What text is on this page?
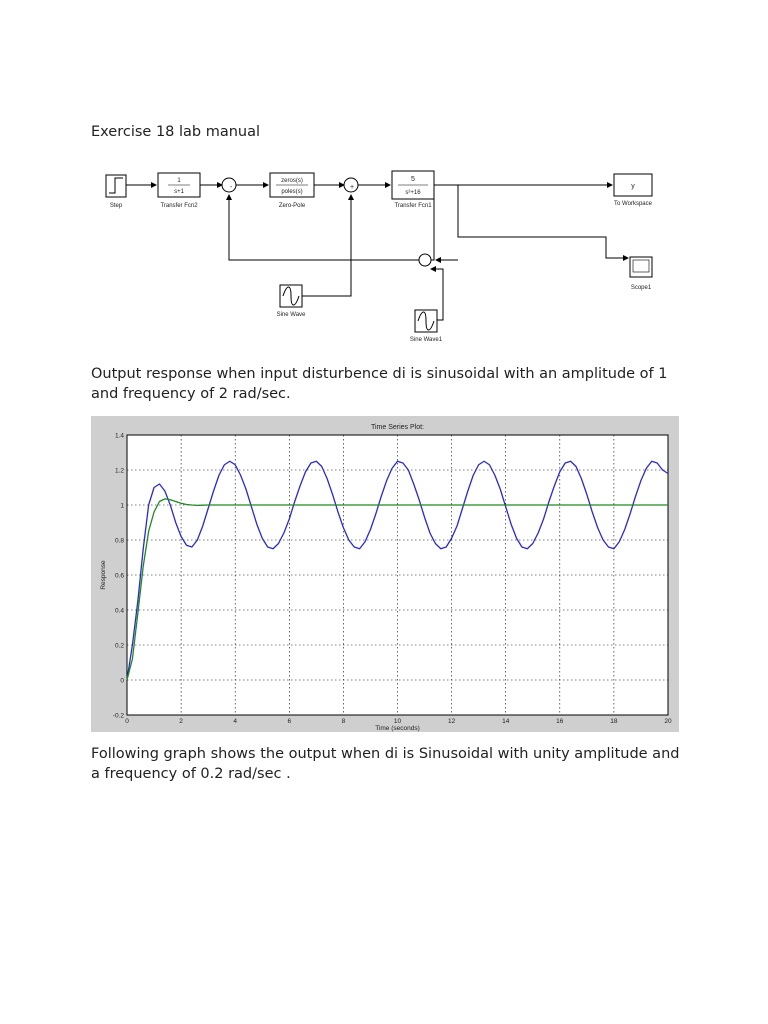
Exercise 18 lab manual

Step
1
s+1
Transfer Fcn2
-
zeros(s)
poles(s)
Zero-Pole
+
5
s²+16
Transfer Fcn1
y
To Workspace
Scope1
Sine Wave
Sine Wave1

Output response when input disturbence di is sinusoidal with an amplitude of 1 and frequency of 2 rad/sec.

0	2	4	6	8	10	12	14	16	18	20
-0.2
0
0.2
0.4
0.6
0.8
1
1.2
1.4
Time Series Plot:
Time (seconds)
Response

Following graph shows the output when di is Sinusoidal with unity amplitude and a frequency of 0.2 rad/sec .
